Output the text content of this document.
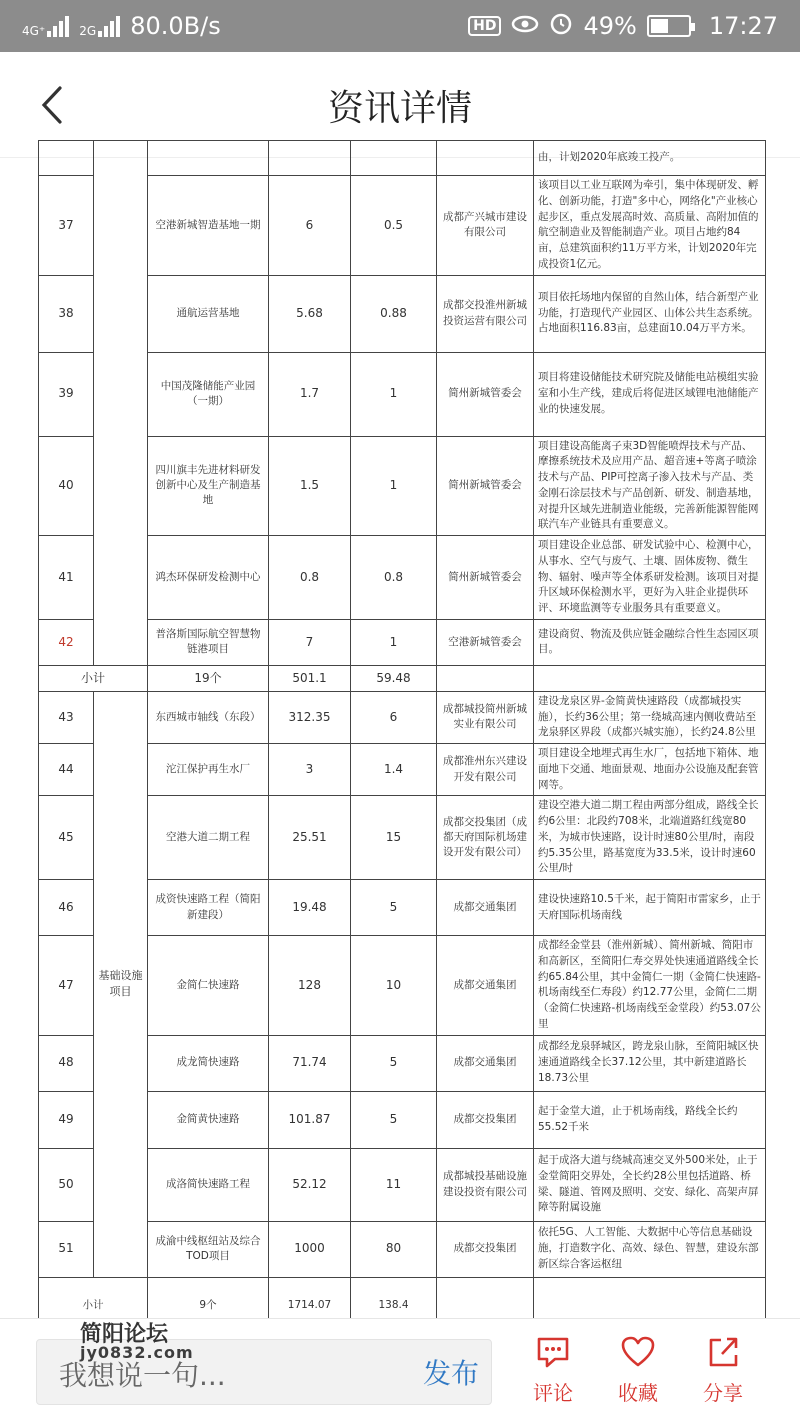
4G⁺	2G 80.0B/s	HD	49%	17:27
资讯详情
						由，计划2020年底竣工投产。
37		空港新城智造基地一期	6	0.5	成都产兴城市建设有限公司	该项目以工业互联网为牵引，集中体现研发、孵化、创新功能，打造"多中心，网络化"产业核心起步区，重点发展高时效、高质量、高附加值的航空制造业及智能制造产业。项目占地约84亩，总建筑面积约11万平方米，计划2020年完成投资1亿元。
38		通航运营基地	5.68	0.88	成都交投淮州新城投资运营有限公司	项目依托场地内保留的自然山体，结合新型产业功能，打造现代产业园区、山体公共生态系统。占地面积116.83亩，总建面10.04万平方米。
39		中国茂隆储能产业园（一期）	1.7	1	简州新城管委会	项目将建设储能技术研究院及储能电站模组实验室和小生产线，建成后将促进区域锂电池储能产业的快速发展。
40		四川旗丰先进材料研发创新中心及生产制造基地	1.5	1	简州新城管委会	项目建设高能离子束3D智能喷焊技术与产品、摩擦系统技术及应用产品、超音速+等离子喷涂技术与产品、PIP可控离子渗入技术与产品、类金刚石涂层技术与产品创新、研发、制造基地，对提升区域先进制造业能级，完善新能源智能网联汽车产业链具有重要意义。
41		鸿杰环保研发检测中心	0.8	0.8	简州新城管委会	项目建设企业总部、研发试验中心、检测中心，从事水、空气与废气、土壤、固体废物、微生物、辐射、噪声等全体系研发检测。该项目对提升区域环保检测水平，更好为入驻企业提供环评、环境监测等专业服务具有重要意义。
42		普洛斯国际航空智慧物链港项目	7	1	空港新城管委会	建设商贸、物流及供应链金融综合性生态园区项目。
小计		19个	501.1	59.48		
43	基础设施项目	东西城市轴线（东段）	312.35	6	成都城投简州新城实业有限公司	建设龙泉区界-金简黄快速路段（成都城投实施），长约36公里；第一绕城高速内侧收费站至龙泉驿区界段（成都兴城实施），长约24.8公里
44		沱江保护再生水厂	3	1.4	成都淮州东兴建设开发有限公司	项目建设全地埋式再生水厂，包括地下箱体、地面地下交通、地面景观、地面办公设施及配套管网等。
45		空港大道二期工程	25.51	15	成都交投集团（成都天府国际机场建设开发有限公司）	建设空港大道二期工程由两部分组成，路线全长约6公里：北段约708米，北端道路红线宽80米，为城市快速路，设计时速80公里/时，南段约5.35公里，路基宽度为33.5米，设计时速60公里/时
46		成资快速路工程（简阳新建段）	19.48	5	成都交通集团	建设快速路10.5千米，起于简阳市雷家乡，止于天府国际机场南线
47		金简仁快速路	128	10	成都交通集团	成都经金堂县（淮州新城）、简州新城、简阳市和高新区，至简阳仁寿交界处快速通道路线全长约65.84公里，其中金简仁一期（金简仁快速路-机场南线至仁寿段）约12.77公里，金简仁二期（金简仁快速路-机场南线至金堂段）约53.07公里
48		成龙简快速路	71.74	5	成都交通集团	成都经龙泉驿城区，跨龙泉山脉，至简阳城区快速通道路线全长37.12公里，其中新建道路长18.73公里
49		金简黄快速路	101.87	5	成都交投集团	起于金堂大道，止于机场南线，路线全长约55.52千米
50		成洛简快速路工程	52.12	11	成都城投基础设施建设投资有限公司	起于成洛大道与绕城高速交叉外500米处，止于金堂简阳交界处，全长约28公里包括道路、桥梁、隧道、管网及照明、交安、绿化、高架声屏障等附属设施
51		成渝中线枢纽站及综合TOD项目	1000	80	成都交投集团	依托5G、人工智能、大数据中心等信息基础设施，打造数字化、高效、绿色、智慧，建设东部新区综合客运枢纽
小计		9个	1714.07	138.4		
我想说一句...	发布
简阳论坛
jy0832.com
评论	收藏	分享
